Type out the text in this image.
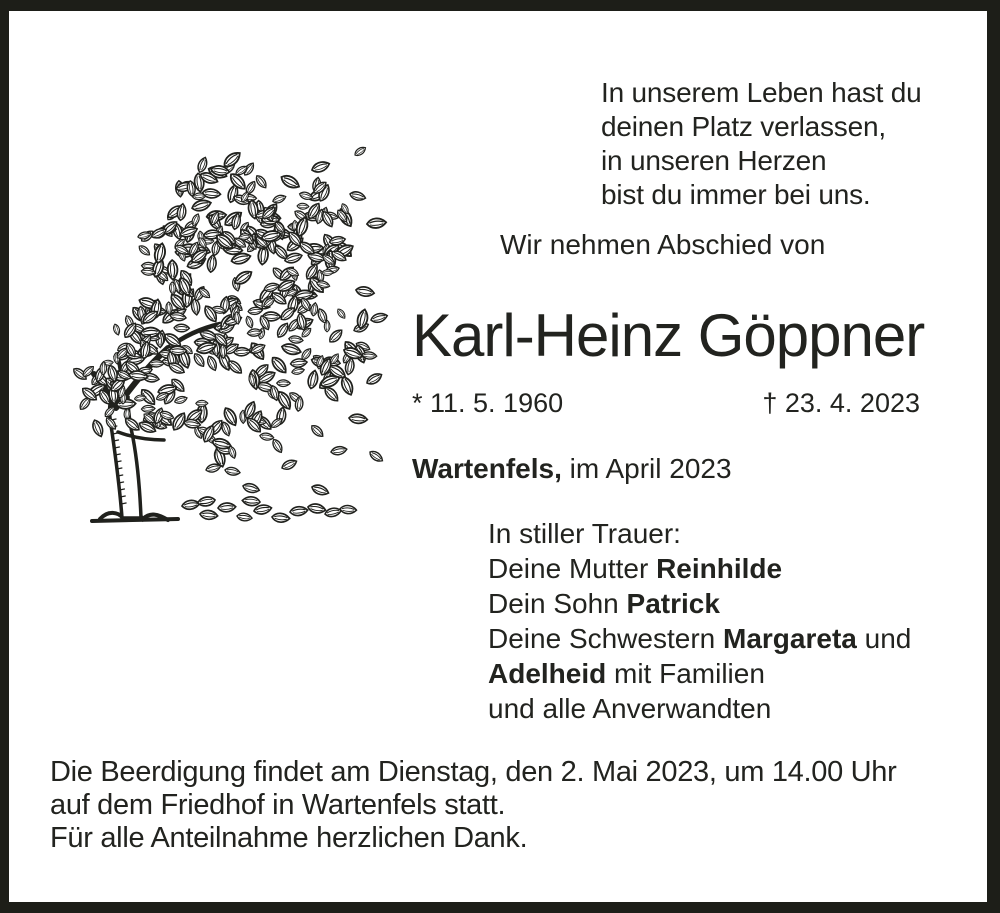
In unserem Leben hast du
deinen Platz verlassen,
in unseren Herzen
bist du immer bei uns.
Wir nehmen Abschied von
Karl-Heinz Göppner
* 11. 5. 1960	† 23. 4. 2023
Wartenfels, im April 2023
In stiller Trauer:
Deine Mutter Reinhilde
Dein Sohn Patrick
Deine Schwestern Margareta und
Adelheid mit Familien
und alle Anverwandten
Die Beerdigung findet am Dienstag, den 2. Mai 2023, um 14.00 Uhr
auf dem Friedhof in Wartenfels statt.
Für alle Anteilnahme herzlichen Dank.
